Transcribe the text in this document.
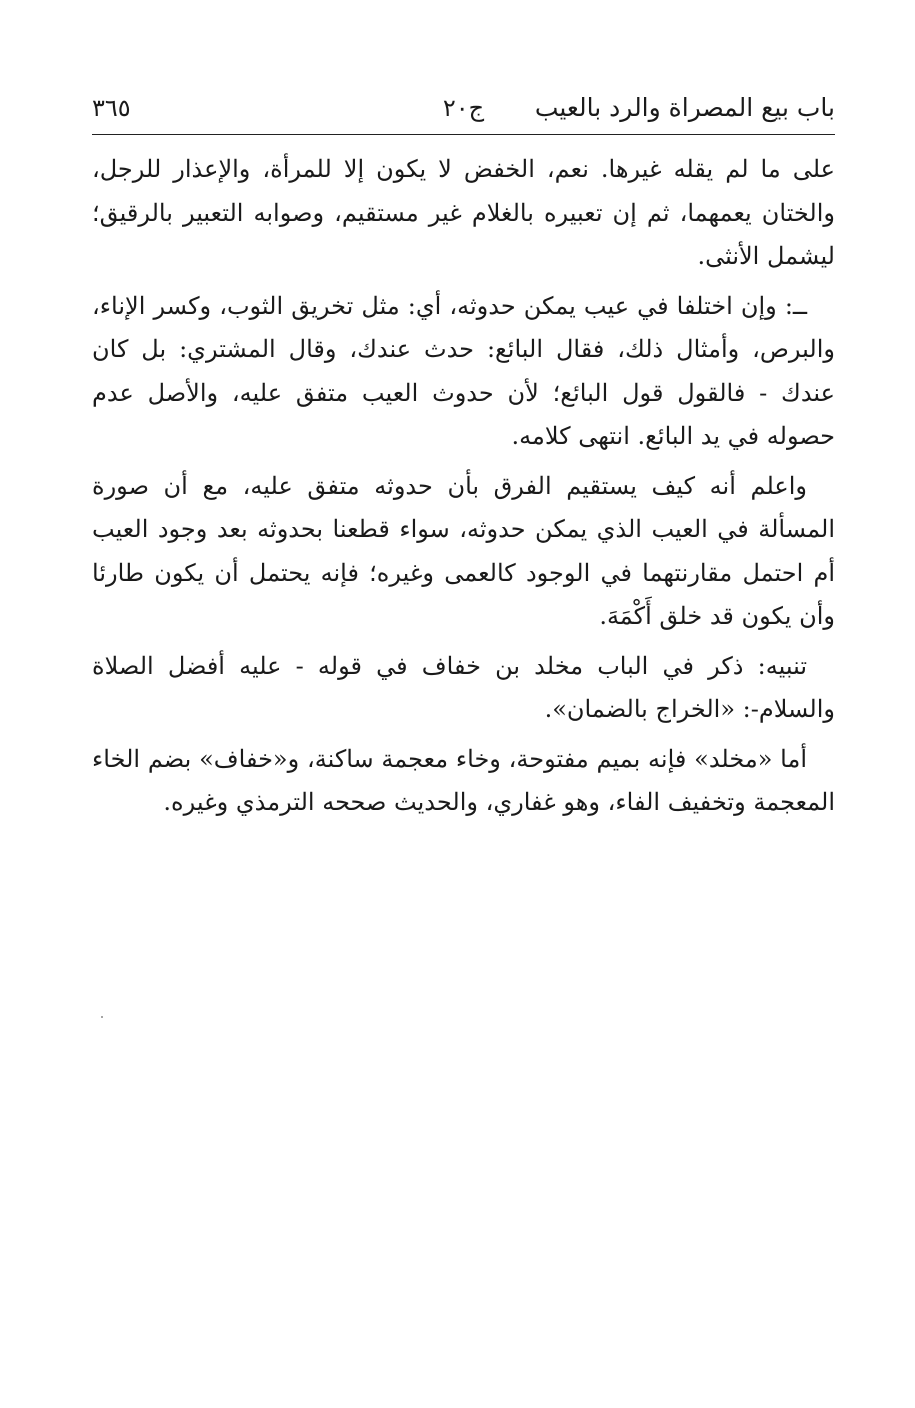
باب بيع المصراة والرد بالعيب
ج٢٠
٣٦٥

على ما لم يقله غيرها. نعم، الخفض لا يكون إلا للمرأة، والإعذار للرجل، والختان يعمهما، ثم إن تعبيره بالغلام غير مستقيم، وصوابه التعبير بالرقيق؛ ليشمل الأنثى.

ــ: وإن اختلفا في عيب يمكن حدوثه، أي: مثل تخريق الثوب، وكسر الإناء، والبرص، وأمثال ذلك، فقال البائع: حدث عندك، وقال المشتري: بل كان عندك - فالقول قول البائع؛ لأن حدوث العيب متفق عليه، والأصل عدم حصوله في يد البائع. انتهى كلامه.

واعلم أنه كيف يستقيم الفرق بأن حدوثه متفق عليه، مع أن صورة المسألة في العيب الذي يمكن حدوثه، سواء قطعنا بحدوثه بعد وجود العيب أم احتمل مقارنتهما في الوجود كالعمى وغيره؛ فإنه يحتمل أن يكون طارئا وأن يكون قد خلق أَكْمَهَ.

تنبيه: ذكر في الباب مخلد بن خفاف في قوله - عليه أفضل الصلاة والسلام-: «الخراج بالضمان».

أما «مخلد» فإنه بميم مفتوحة، وخاء معجمة ساكنة، و«خفاف» بضم الخاء المعجمة وتخفيف الفاء، وهو غفاري، والحديث صححه الترمذي وغيره.
